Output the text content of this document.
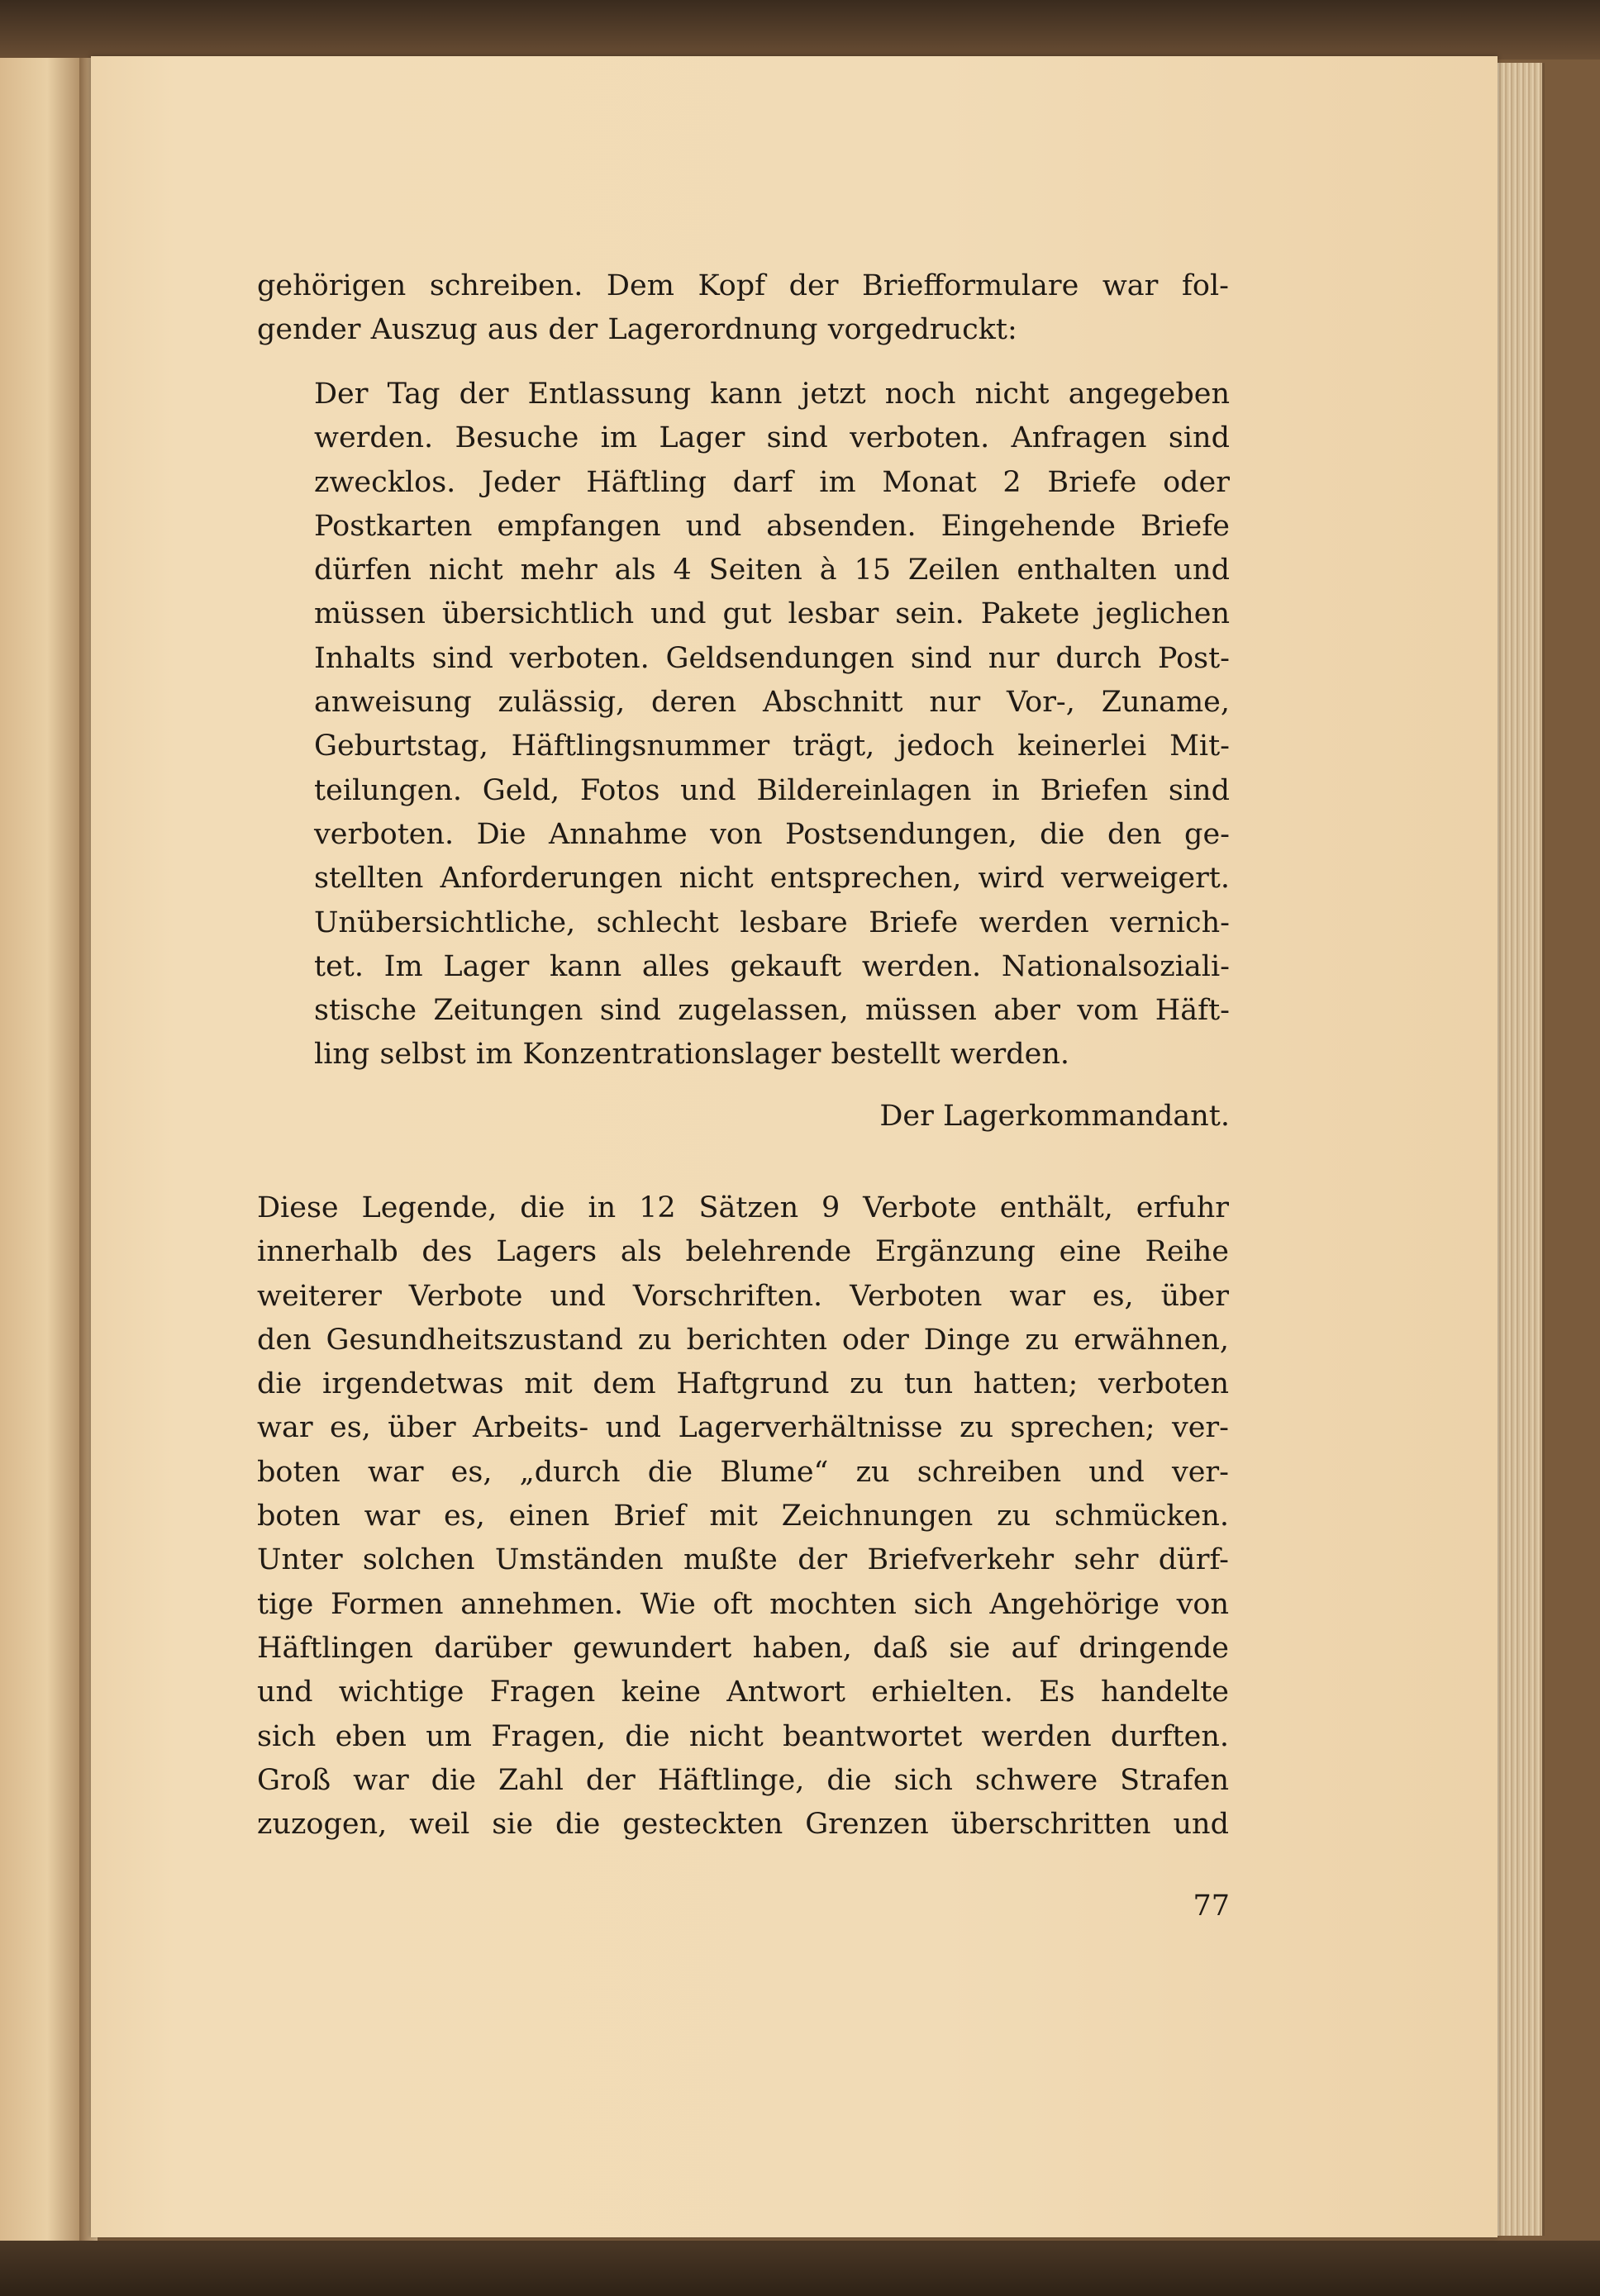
gehörigen schreiben. Dem Kopf der Briefformulare war fol-
gender Auszug aus der Lagerordnung vorgedruckt:
Der Tag der Entlassung kann jetzt noch nicht angegeben
werden. Besuche im Lager sind verboten. Anfragen sind
zwecklos. Jeder Häftling darf im Monat 2 Briefe oder
Postkarten empfangen und absenden. Eingehende Briefe
dürfen nicht mehr als 4 Seiten à 15 Zeilen enthalten und
müssen übersichtlich und gut lesbar sein. Pakete jeglichen
Inhalts sind verboten. Geldsendungen sind nur durch Post-
anweisung zulässig, deren Abschnitt nur Vor-, Zuname,
Geburtstag, Häftlingsnummer trägt, jedoch keinerlei Mit-
teilungen. Geld, Fotos und Bildereinlagen in Briefen sind
verboten. Die Annahme von Postsendungen, die den ge-
stellten Anforderungen nicht entsprechen, wird verweigert.
Unübersichtliche, schlecht lesbare Briefe werden vernich-
tet. Im Lager kann alles gekauft werden. Nationalsoziali-
stische Zeitungen sind zugelassen, müssen aber vom Häft-
ling selbst im Konzentrationslager bestellt werden.
Der Lagerkommandant.
Diese Legende, die in 12 Sätzen 9 Verbote enthält, erfuhr
innerhalb des Lagers als belehrende Ergänzung eine Reihe
weiterer Verbote und Vorschriften. Verboten war es, über
den Gesundheitszustand zu berichten oder Dinge zu erwähnen,
die irgendetwas mit dem Haftgrund zu tun hatten; verboten
war es, über Arbeits- und Lagerverhältnisse zu sprechen; ver-
boten war es, „durch die Blume“ zu schreiben und ver-
boten war es, einen Brief mit Zeichnungen zu schmücken.
Unter solchen Umständen mußte der Briefverkehr sehr dürf-
tige Formen annehmen. Wie oft mochten sich Angehörige von
Häftlingen darüber gewundert haben, daß sie auf dringende
und wichtige Fragen keine Antwort erhielten. Es handelte
sich eben um Fragen, die nicht beantwortet werden durften.
Groß war die Zahl der Häftlinge, die sich schwere Strafen
zuzogen, weil sie die gesteckten Grenzen überschritten und
77
